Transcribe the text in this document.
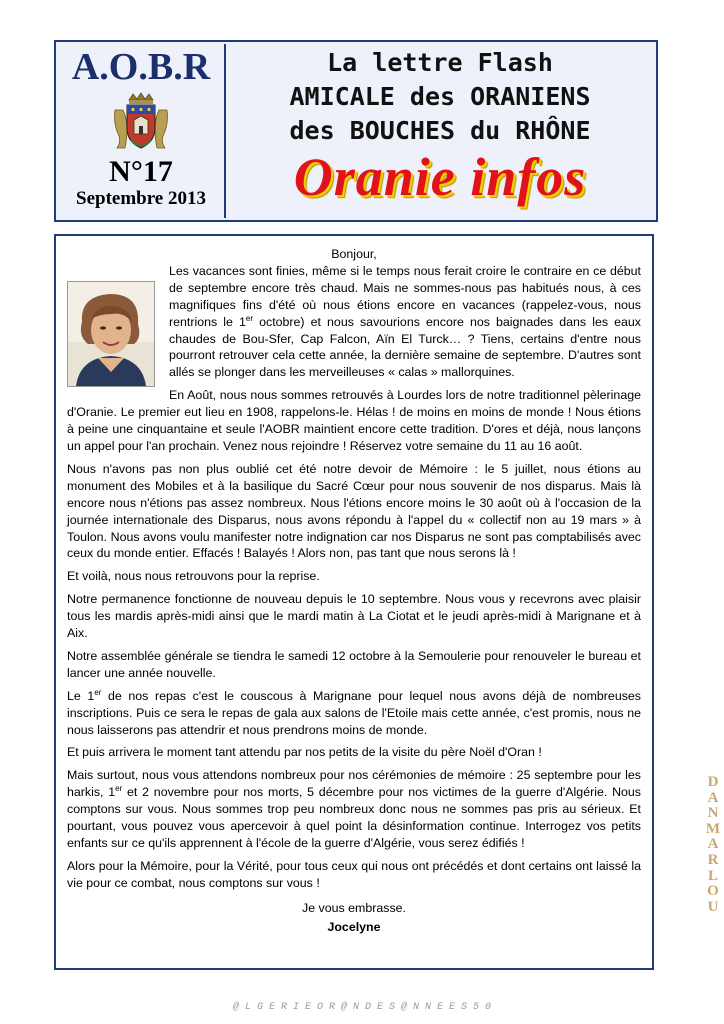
A.O.B.R
N°17
Septembre 2013
La lettre Flash
AMICALE des ORANIENS
des BOUCHES du RHÔNE
Oranie infos

Bonjour,

Les vacances sont finies, même si le temps nous ferait croire le contraire en ce début de septembre encore très chaud. Mais ne sommes-nous pas habitués nous, à ces magnifiques fins d'été où nous étions encore en vacances (rappelez-vous, nous rentrions le 1er octobre) et nous savourions encore nos baignades dans les eaux chaudes de Bou-Sfer, Cap Falcon, Aïn El Turck… ? Tiens, certains d'entre nous pourront retrouver cela cette année, la dernière semaine de septembre. D'autres sont allés se plonger dans les merveilleuses « calas » mallorquines.

En Août, nous nous sommes retrouvés à Lourdes lors de notre traditionnel pèlerinage d'Oranie. Le premier eut lieu en 1908, rappelons-le. Hélas ! de moins en moins de monde ! Nous étions à peine une cinquantaine et seule l'AOBR maintient encore cette tradition. D'ores et déjà, nous lançons un appel pour l'an prochain. Venez nous rejoindre ! Réservez votre semaine du 11 au 16 août.

Nous n'avons pas non plus oublié cet été notre devoir de Mémoire : le 5 juillet, nous étions au monument des Mobiles et à la basilique du Sacré Cœur pour nous souvenir de nos disparus. Mais là encore nous n'étions pas assez nombreux. Nous l'étions encore moins le 30 août où à l'occasion de la journée internationale des Disparus, nous avons répondu à l'appel du « collectif non au 19 mars » à Toulon. Nous avons voulu manifester notre indignation car nos Disparus ne sont pas comptabilisés avec ceux du monde entier. Effacés ! Balayés ! Alors non, pas tant que nous serons là !

Et voilà, nous nous retrouvons pour la reprise.

Notre permanence fonctionne de nouveau depuis le 10 septembre. Nous vous y recevrons avec plaisir tous les mardis après-midi ainsi que le mardi matin à La Ciotat et le jeudi après-midi à Marignane et à Aix.

Notre assemblée générale se tiendra le samedi 12 octobre à la Semoulerie pour renouveler le bureau et lancer une année nouvelle.

Le 1er de nos repas c'est le couscous à Marignane pour lequel nous avons déjà de nombreuses inscriptions. Puis ce sera le repas de gala aux salons de l'Etoile mais cette année, c'est promis, nous ne nous laisserons pas attendrir et nous prendrons moins de monde.

Et puis arrivera le moment tant attendu par nos petits de la visite du père Noël d'Oran !

Mais surtout, nous vous attendons nombreux pour nos cérémonies de mémoire : 25 septembre pour les harkis, 1er et 2 novembre pour nos morts, 5 décembre pour nos victimes de la guerre d'Algérie. Nous comptons sur vous. Nous sommes trop peu nombreux donc nous ne sommes pas pris au sérieux. Et pourtant, vous pouvez vous apercevoir à quel point la désinformation continue. Interrogez vos petits enfants sur ce qu'ils apprennent à l'école de la guerre d'Algérie, vous serez édifiés !

Alors pour la Mémoire, pour la Vérité, pour tous ceux qui nous ont précédés et dont certains ont laissé la vie pour ce combat, nous comptons sur vous !

Je vous embrasse.

Jocelyne

D
A
N
M
A
R
L
O
U
@ L G E R I E O R @ N D E S @ N N E E S 5 0
